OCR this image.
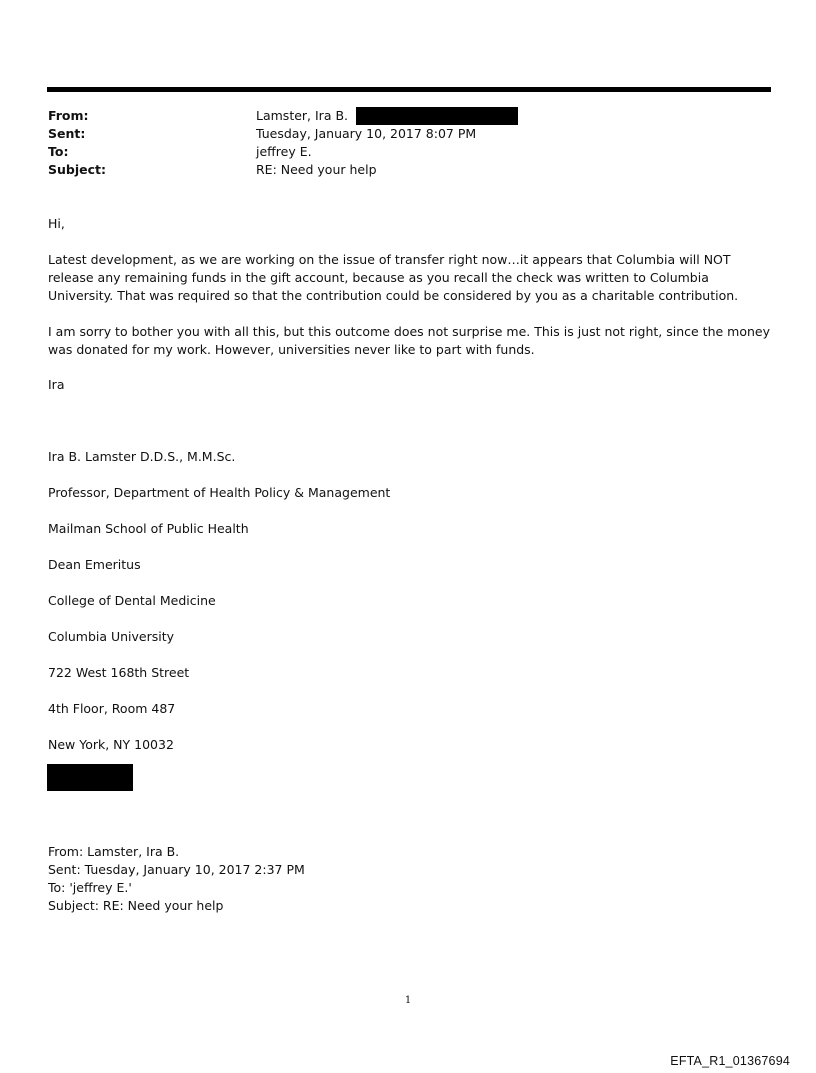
From:	Lamster, Ira B.
Sent:	Tuesday, January 10, 2017 8:07 PM
To:	jeffrey E.
Subject:	RE: Need your help
Hi,
Latest development, as we are working on the issue of transfer right now…it appears that Columbia will NOT release any remaining funds in the gift account, because as you recall the check was written to Columbia University. That was required so that the contribution could be considered by you as a charitable contribution.
I am sorry to bother you with all this, but this outcome does not surprise me. This is just not right, since the money was donated for my work. However, universities never like to part with funds.
Ira
Ira B. Lamster D.D.S., M.M.Sc.
Professor, Department of Health Policy & Management
Mailman School of Public Health
Dean Emeritus
College of Dental Medicine
Columbia University
722 West 168th Street
4th Floor, Room 487
New York, NY 10032
From: Lamster, Ira B.
Sent: Tuesday, January 10, 2017 2:37 PM
To: 'jeffrey E.'
Subject: RE: Need your help
1
EFTA_R1_01367694
